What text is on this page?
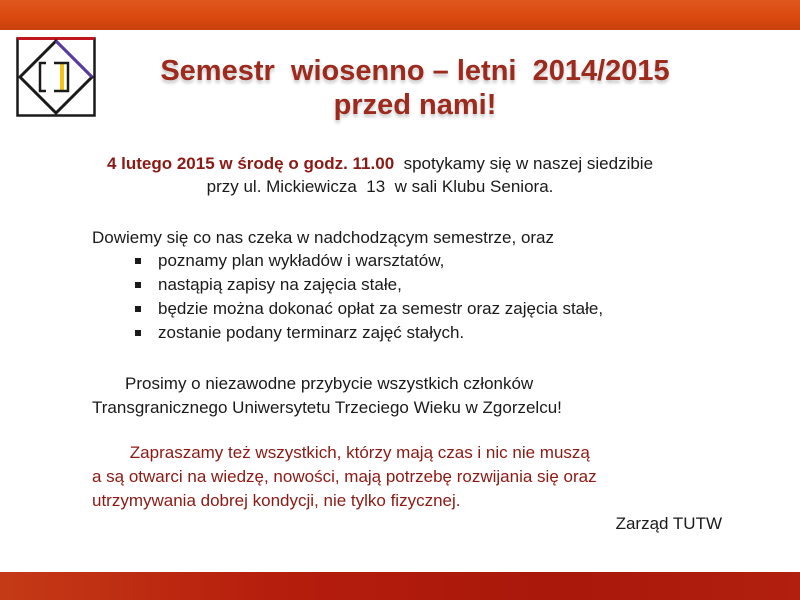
Semestr  wiosenno – letni  2014/2015
przed nami!

4 lutego 2015 w środę o godz. 11.00  spotykamy się w naszej siedzibie
przy ul. Mickiewicza  13  w sali Klubu Seniora.

Dowiemy się co nas czeka w nadchodzącym semestrze, oraz

poznamy plan wykładów i warsztatów,
nastąpią zapisy na zajęcia stałe,
będzie można dokonać opłat za semestr oraz zajęcia stałe,
zostanie podany terminarz zajęć stałych.

Prosimy o niezawodne przybycie wszystkich członków
Transgranicznego Uniwersytetu Trzeciego Wieku w Zgorzelcu!

Zapraszamy też wszystkich, którzy mają czas i nic nie muszą
a są otwarci na wiedzę, nowości, mają potrzebę rozwijania się oraz
utrzymywania dobrej kondycji, nie tylko fizycznej.

Zarząd TUTW
